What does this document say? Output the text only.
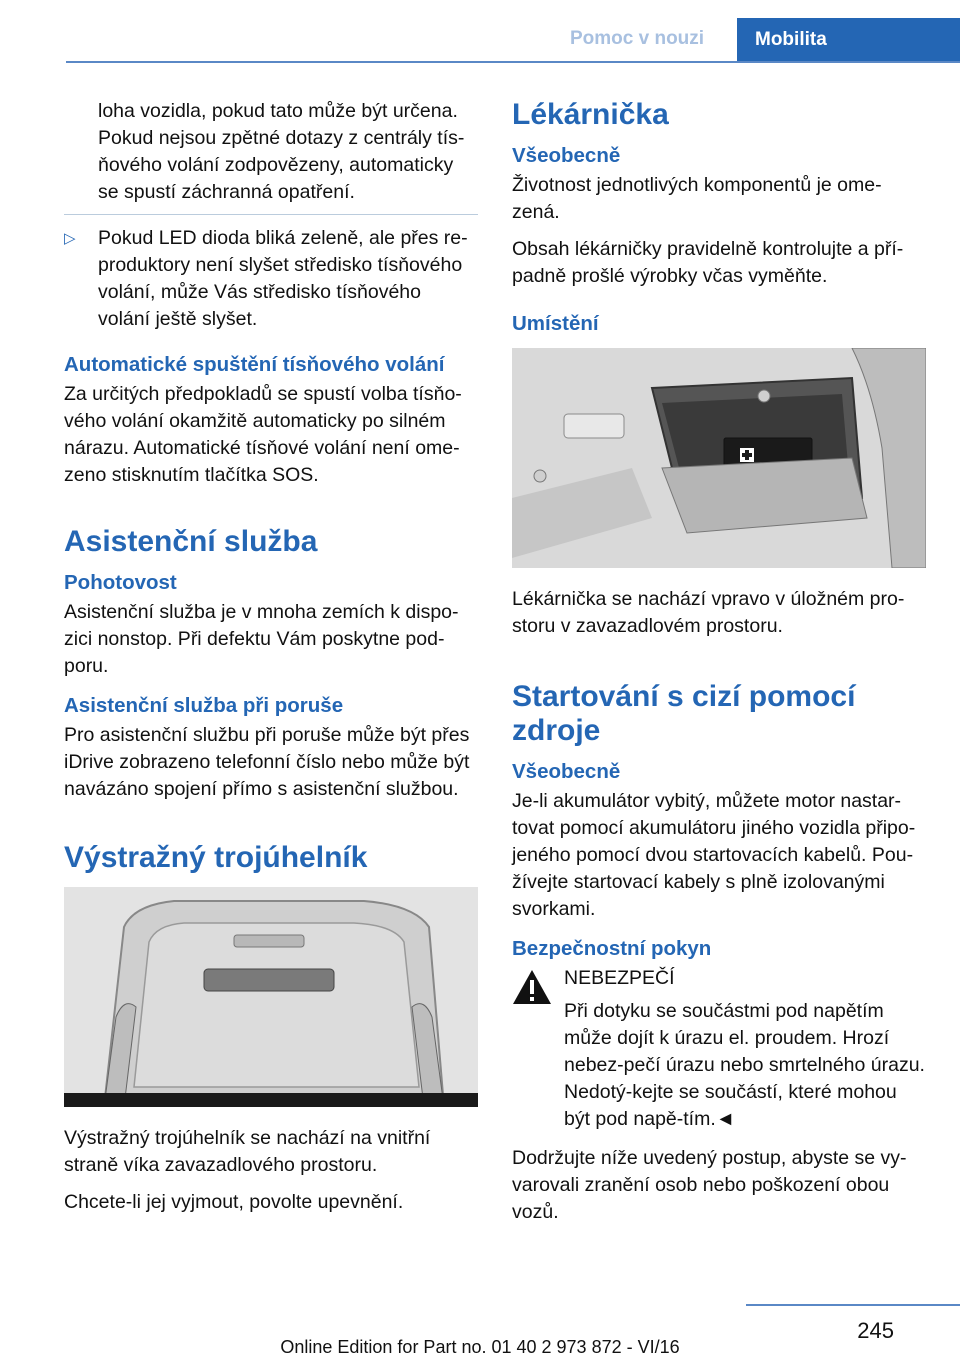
Pomoc v nouzi	Mobilita
loha vozidla, pokud tato může být určena. Pokud nejsou zpětné dotazy z centrály tís-ňového volání zodpovězeny, automaticky se spustí záchranná opatření.
▷ Pokud LED dioda bliká zeleně, ale přes re-produktory není slyšet středisko tísňového volání, může Vás středisko tísňového volání ještě slyšet.
Automatické spuštění tísňového volání

Za určitých předpokladů se spustí volba tísňo-vého volání okamžitě automaticky po silném nárazu. Automatické tísňové volání není ome-zeno stisknutím tlačítka SOS.

Asistenční služba
Pohotovost

Asistenční služba je v mnoha zemích k dispo-zici nonstop. Při defektu Vám poskytne pod-poru.

Asistenční služba při poruše

Pro asistenční službu při poruše může být přes iDrive zobrazeno telefonní číslo nebo může být navázáno spojení přímo s asistenční službou.

Výstražný trojúhelník

Výstražný trojúhelník se nachází na vnitřní straně víka zavazadlového prostoru.

Chcete-li jej vyjmout, povolte upevnění.

Lékárnička
Všeobecně

Životnost jednotlivých komponentů je ome-zená.

Obsah lékárničky pravidelně kontrolujte a pří-padně prošlé výrobky včas vyměňte.

Umístění

Lékárnička se nachází vpravo v úložném pro-storu v zavazadlovém prostoru.

Startování s cizí pomocí zdroje
Všeobecně

Je-li akumulátor vybitý, můžete motor nastar-tovat pomocí akumulátoru jiného vozidla připo-jeného pomocí dvou startovacích kabelů. Pou-žívejte startovací kabely s plně izolovanými svorkami.

Bezpečnostní pokyn
NEBEZPEČÍ
Při dotyku se součástmi pod napětím může dojít k úrazu el. proudem. Hrozí nebez-pečí úrazu nebo smrtelného úrazu. Nedotý-kejte se součástí, které mohou být pod napě-tím.◄

Dodržujte níže uvedený postup, abyste se vy-varovali zranění osob nebo poškození obou vozů.

245
Online Edition for Part no. 01 40 2 973 872 - VI/16
